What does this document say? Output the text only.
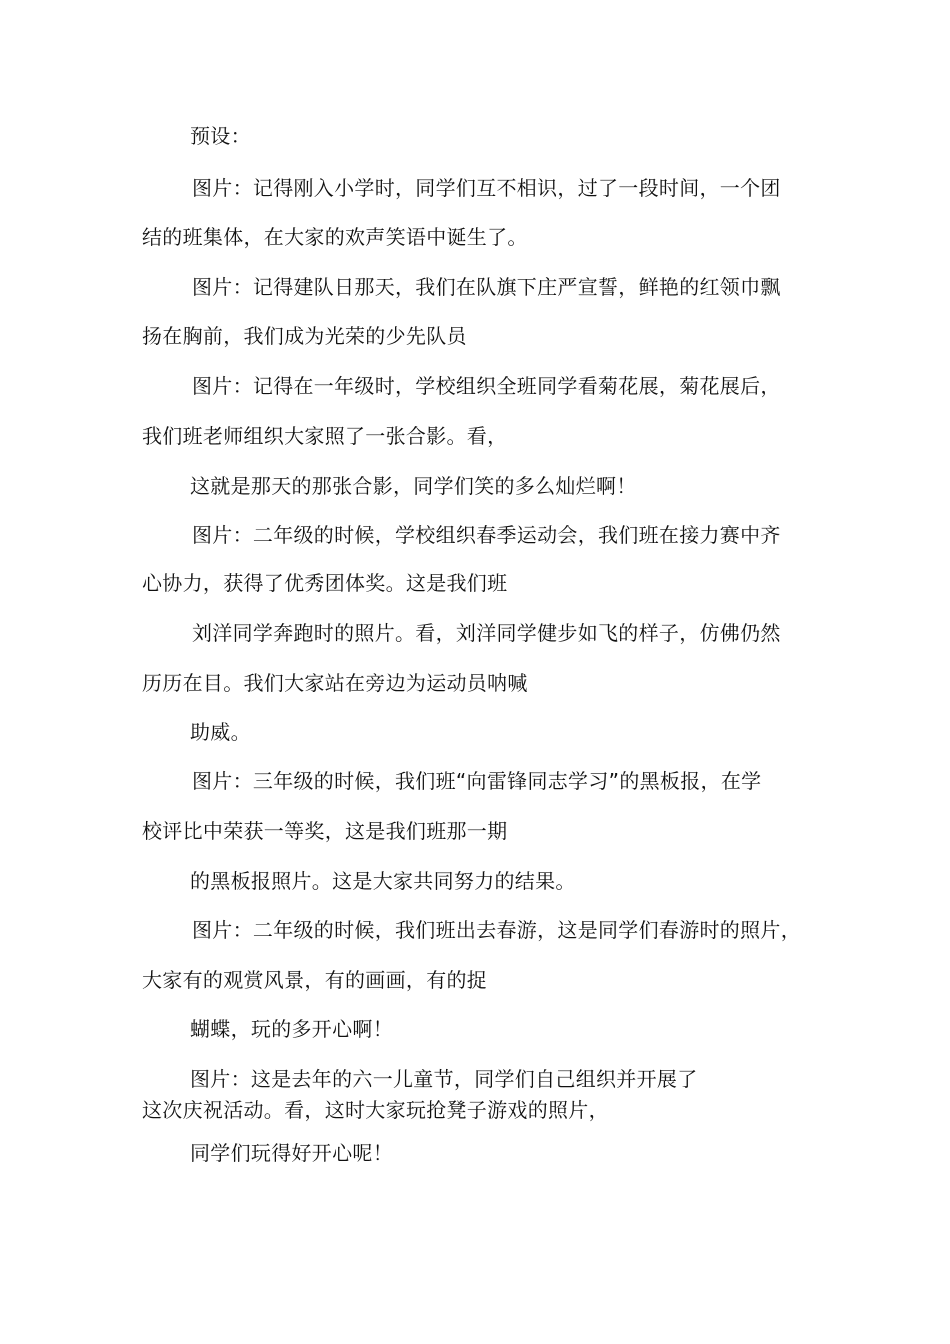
预设：
图片：记得刚入小学时，同学们互不相识，过了一段时间，一个团
结的班集体，在大家的欢声笑语中诞生了。
图片：记得建队日那天，我们在队旗下庄严宣誓，鲜艳的红领巾飘
扬在胸前，我们成为光荣的少先队员
图片：记得在一年级时，学校组织全班同学看菊花展，菊花展后，
我们班老师组织大家照了一张合影。看，
这就是那天的那张合影，同学们笑的多么灿烂啊！
图片：二年级的时候，学校组织春季运动会，我们班在接力赛中齐
心协力，获得了优秀团体奖。这是我们班
刘洋同学奔跑时的照片。看，刘洋同学健步如飞的样子，仿佛仍然
历历在目。我们大家站在旁边为运动员呐喊
助威。
图片：三年级的时候，我们班“向雷锋同志学习”的黑板报，在学
校评比中荣获一等奖，这是我们班那一期
的黑板报照片。这是大家共同努力的结果。
图片：二年级的时候，我们班出去春游，这是同学们春游时的照片，
大家有的观赏风景，有的画画，有的捉
蝴蝶，玩的多开心啊！
图片：这是去年的六一儿童节，同学们自己组织并开展了
这次庆祝活动。看，这时大家玩抢凳子游戏的照片，
同学们玩得好开心呢！
